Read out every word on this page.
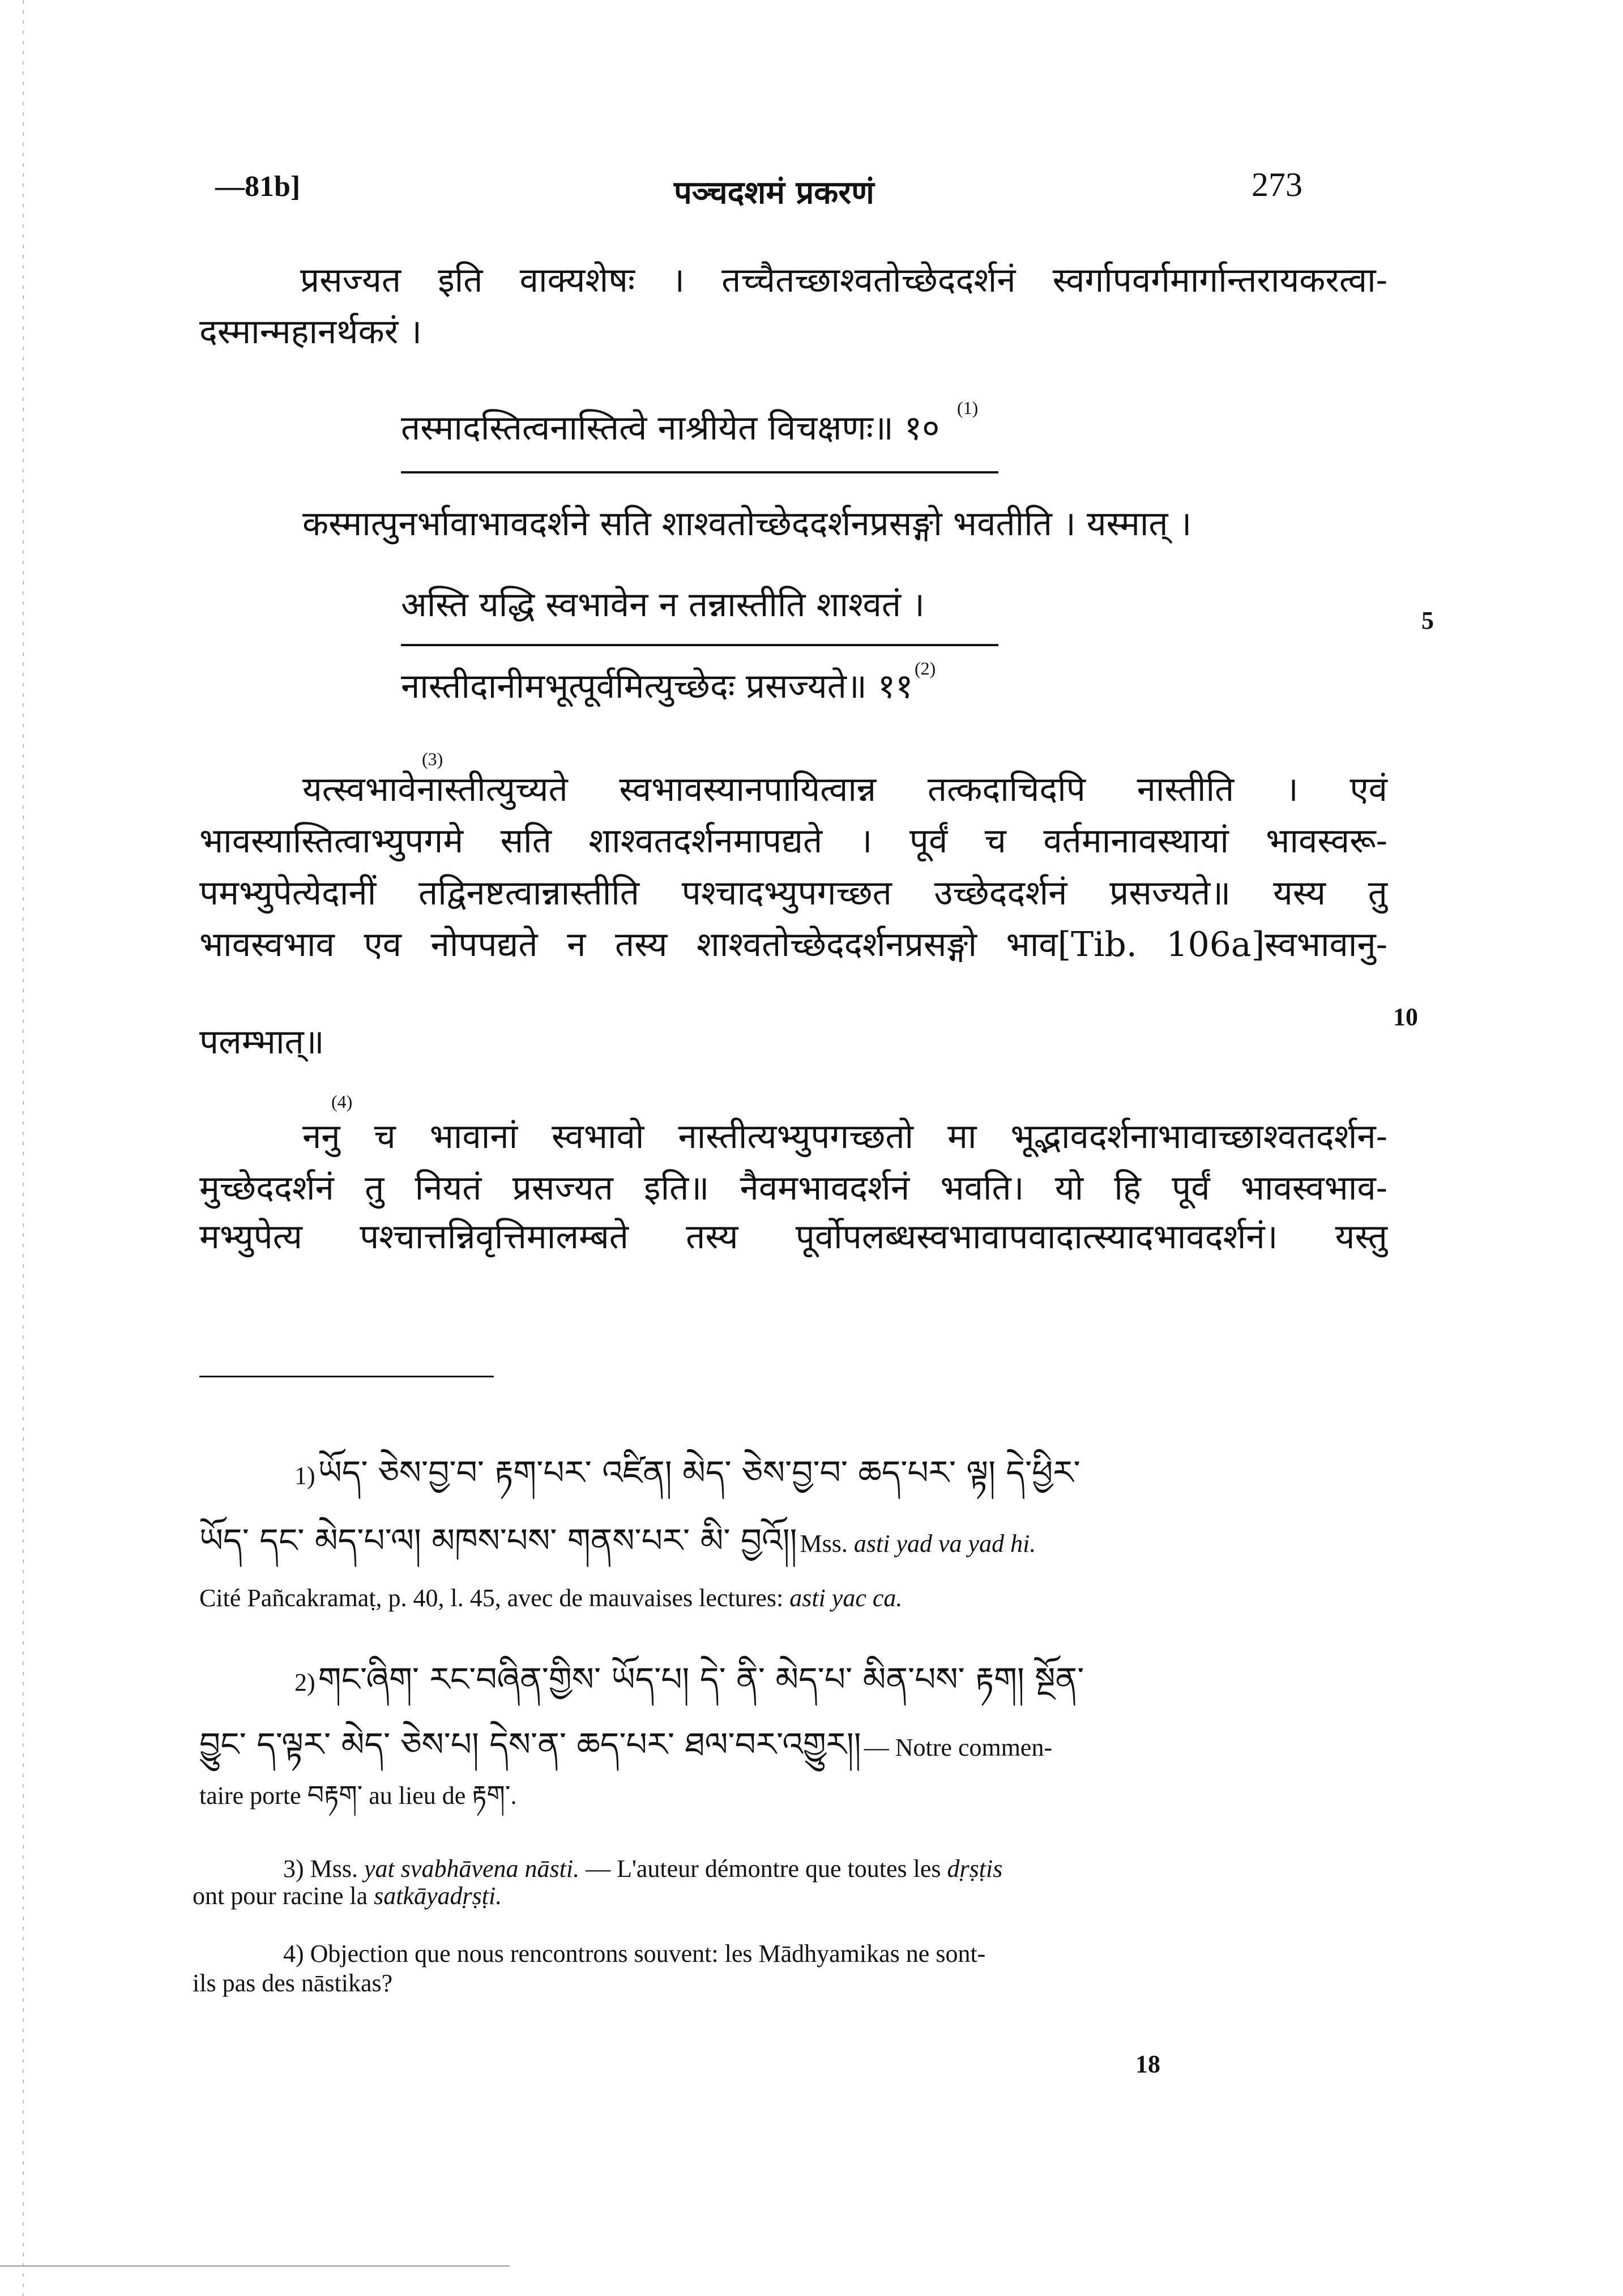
—81b]	पञ्चदशमं प्रकरणं	273
प्रसज्यत इति वाक्यशेषः । तच्चैतच्छाश्वतोच्छेददर्शनं स्वर्गापवर्गमार्गान्तरायकरत्वा-
दस्मान्महानर्थकरं ।
तस्मादस्तित्वनास्तित्वे नाश्रीयेत विचक्षणः॥ १०
(1)
कस्मात्पुनर्भावाभावदर्शने सति शाश्वतोच्छेददर्शनप्रसङ्गो भवतीति । यस्मात् ।
अस्ति यद्धि स्वभावेन न तन्नास्तीति शाश्वतं ।	5
नास्तीदानीमभूत्पूर्वमित्युच्छेदः प्रसज्यते॥ ११ (2)
(3)
यत्स्वभावेनास्तीत्युच्यते स्वभावस्यानपायित्वान्न तत्कदाचिदपि नास्तीति । एवं
भावस्यास्तित्वाभ्युपगमे सति शाश्वतदर्शनमापद्यते । पूर्वं च वर्तमानावस्थायां भावस्वरू-
पमभ्युपेत्येदानीं तद्विनष्टत्वान्नास्तीति पश्चादभ्युपगच्छत उच्छेददर्शनं प्रसज्यते॥ यस्य तु
भावस्वभाव एव नोपपद्यते न तस्य शाश्वतोच्छेददर्शनप्रसङ्गो भाव[Tib. 106a]स्वभावानु-
10
पलम्भात्॥
(4)
ननु च भावानां स्वभावो नास्तीत्यभ्युपगच्छतो मा भूद्भावदर्शनाभावाच्छाश्वतदर्शन-
मुच्छेददर्शनं तु नियतं प्रसज्यत इति॥ नैवमभावदर्शनं भवति। यो हि पूर्वं भावस्वभाव-
मभ्युपेत्य पश्चात्तन्निवृत्तिमालम्बते तस्य पूर्वोपलब्धस्वभावापवादात्स्यादभावदर्शनं। यस्तु
1) ཡོད་ ཅེས་བྱ་བ་ རྟག་པར་ འཛིན། མེད་ ཅེས་བྱ་བ་ ཆད་པར་ ལྟ། དེ་ཕྱིར་
ཡོད་ དང་ མེད་པ་ལ། མཁས་པས་ གནས་པར་ མི་ བྱའོ།། Mss. asti yad va yad hi.
Cité Pañcakramaṭ, p. 40, l. 45, avec de mauvaises lectures: asti yac ca.
2) གང་ཞིག་ རང་བཞིན་གྱིས་ ཡོད་པ། དེ་ ནི་ མེད་པ་ མིན་པས་ རྟག། སྔོན་
བྱུང་ ད་ལྟར་ མེད་ ཅེས་པ། དེས་ན་ ཆད་པར་ ཐལ་བར་འགྱུར།། — Notre commen-
taire porte བརྟག་ au lieu de རྟག་.
3) Mss. yat svabhāvena nāsti. — L'auteur démontre que toutes les dṛṣṭis
ont pour racine la satkāyadṛṣṭi.
4) Objection que nous rencontrons souvent: les Mādhyamikas ne sont-
ils pas des nāstikas?
18
